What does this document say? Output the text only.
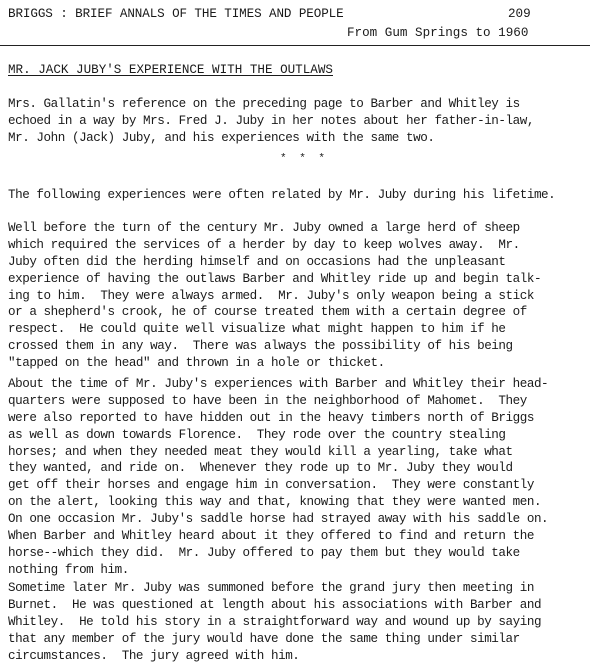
BRIGGS : BRIEF ANNALS OF THE TIMES AND PEOPLE	209
From Gum Springs to 1960
MR. JACK JUBY'S EXPERIENCE WITH THE OUTLAWS
Mrs. Gallatin's reference on the preceding page to Barber and Whitley is
echoed in a way by Mrs. Fred J. Juby in her notes about her father-in-law,
Mr. John (Jack) Juby, and his experiences with the same two.
* * *
The following experiences were often related by Mr. Juby during his lifetime.
Well before the turn of the century Mr. Juby owned a large herd of sheep
which required the services of a herder by day to keep wolves away.  Mr.
Juby often did the herding himself and on occasions had the unpleasant
experience of having the outlaws Barber and Whitley ride up and begin talk-
ing to him.  They were always armed.  Mr. Juby's only weapon being a stick
or a shepherd's crook, he of course treated them with a certain degree of
respect.  He could quite well visualize what might happen to him if he
crossed them in any way.  There was always the possibility of his being
"tapped on the head" and thrown in a hole or thicket.
About the time of Mr. Juby's experiences with Barber and Whitley their head-
quarters were supposed to have been in the neighborhood of Mahomet.  They
were also reported to have hidden out in the heavy timbers north of Briggs
as well as down towards Florence.  They rode over the country stealing
horses; and when they needed meat they would kill a yearling, take what
they wanted, and ride on.  Whenever they rode up to Mr. Juby they would
get off their horses and engage him in conversation.  They were constantly
on the alert, looking this way and that, knowing that they were wanted men.
On one occasion Mr. Juby's saddle horse had strayed away with his saddle on.
When Barber and Whitley heard about it they offered to find and return the
horse--which they did.  Mr. Juby offered to pay them but they would take
nothing from him.
Sometime later Mr. Juby was summoned before the grand jury then meeting in
Burnet.  He was questioned at length about his associations with Barber and
Whitley.  He told his story in a straightforward way and wound up by saying
that any member of the jury would have done the same thing under similar
circumstances.  The jury agreed with him.
